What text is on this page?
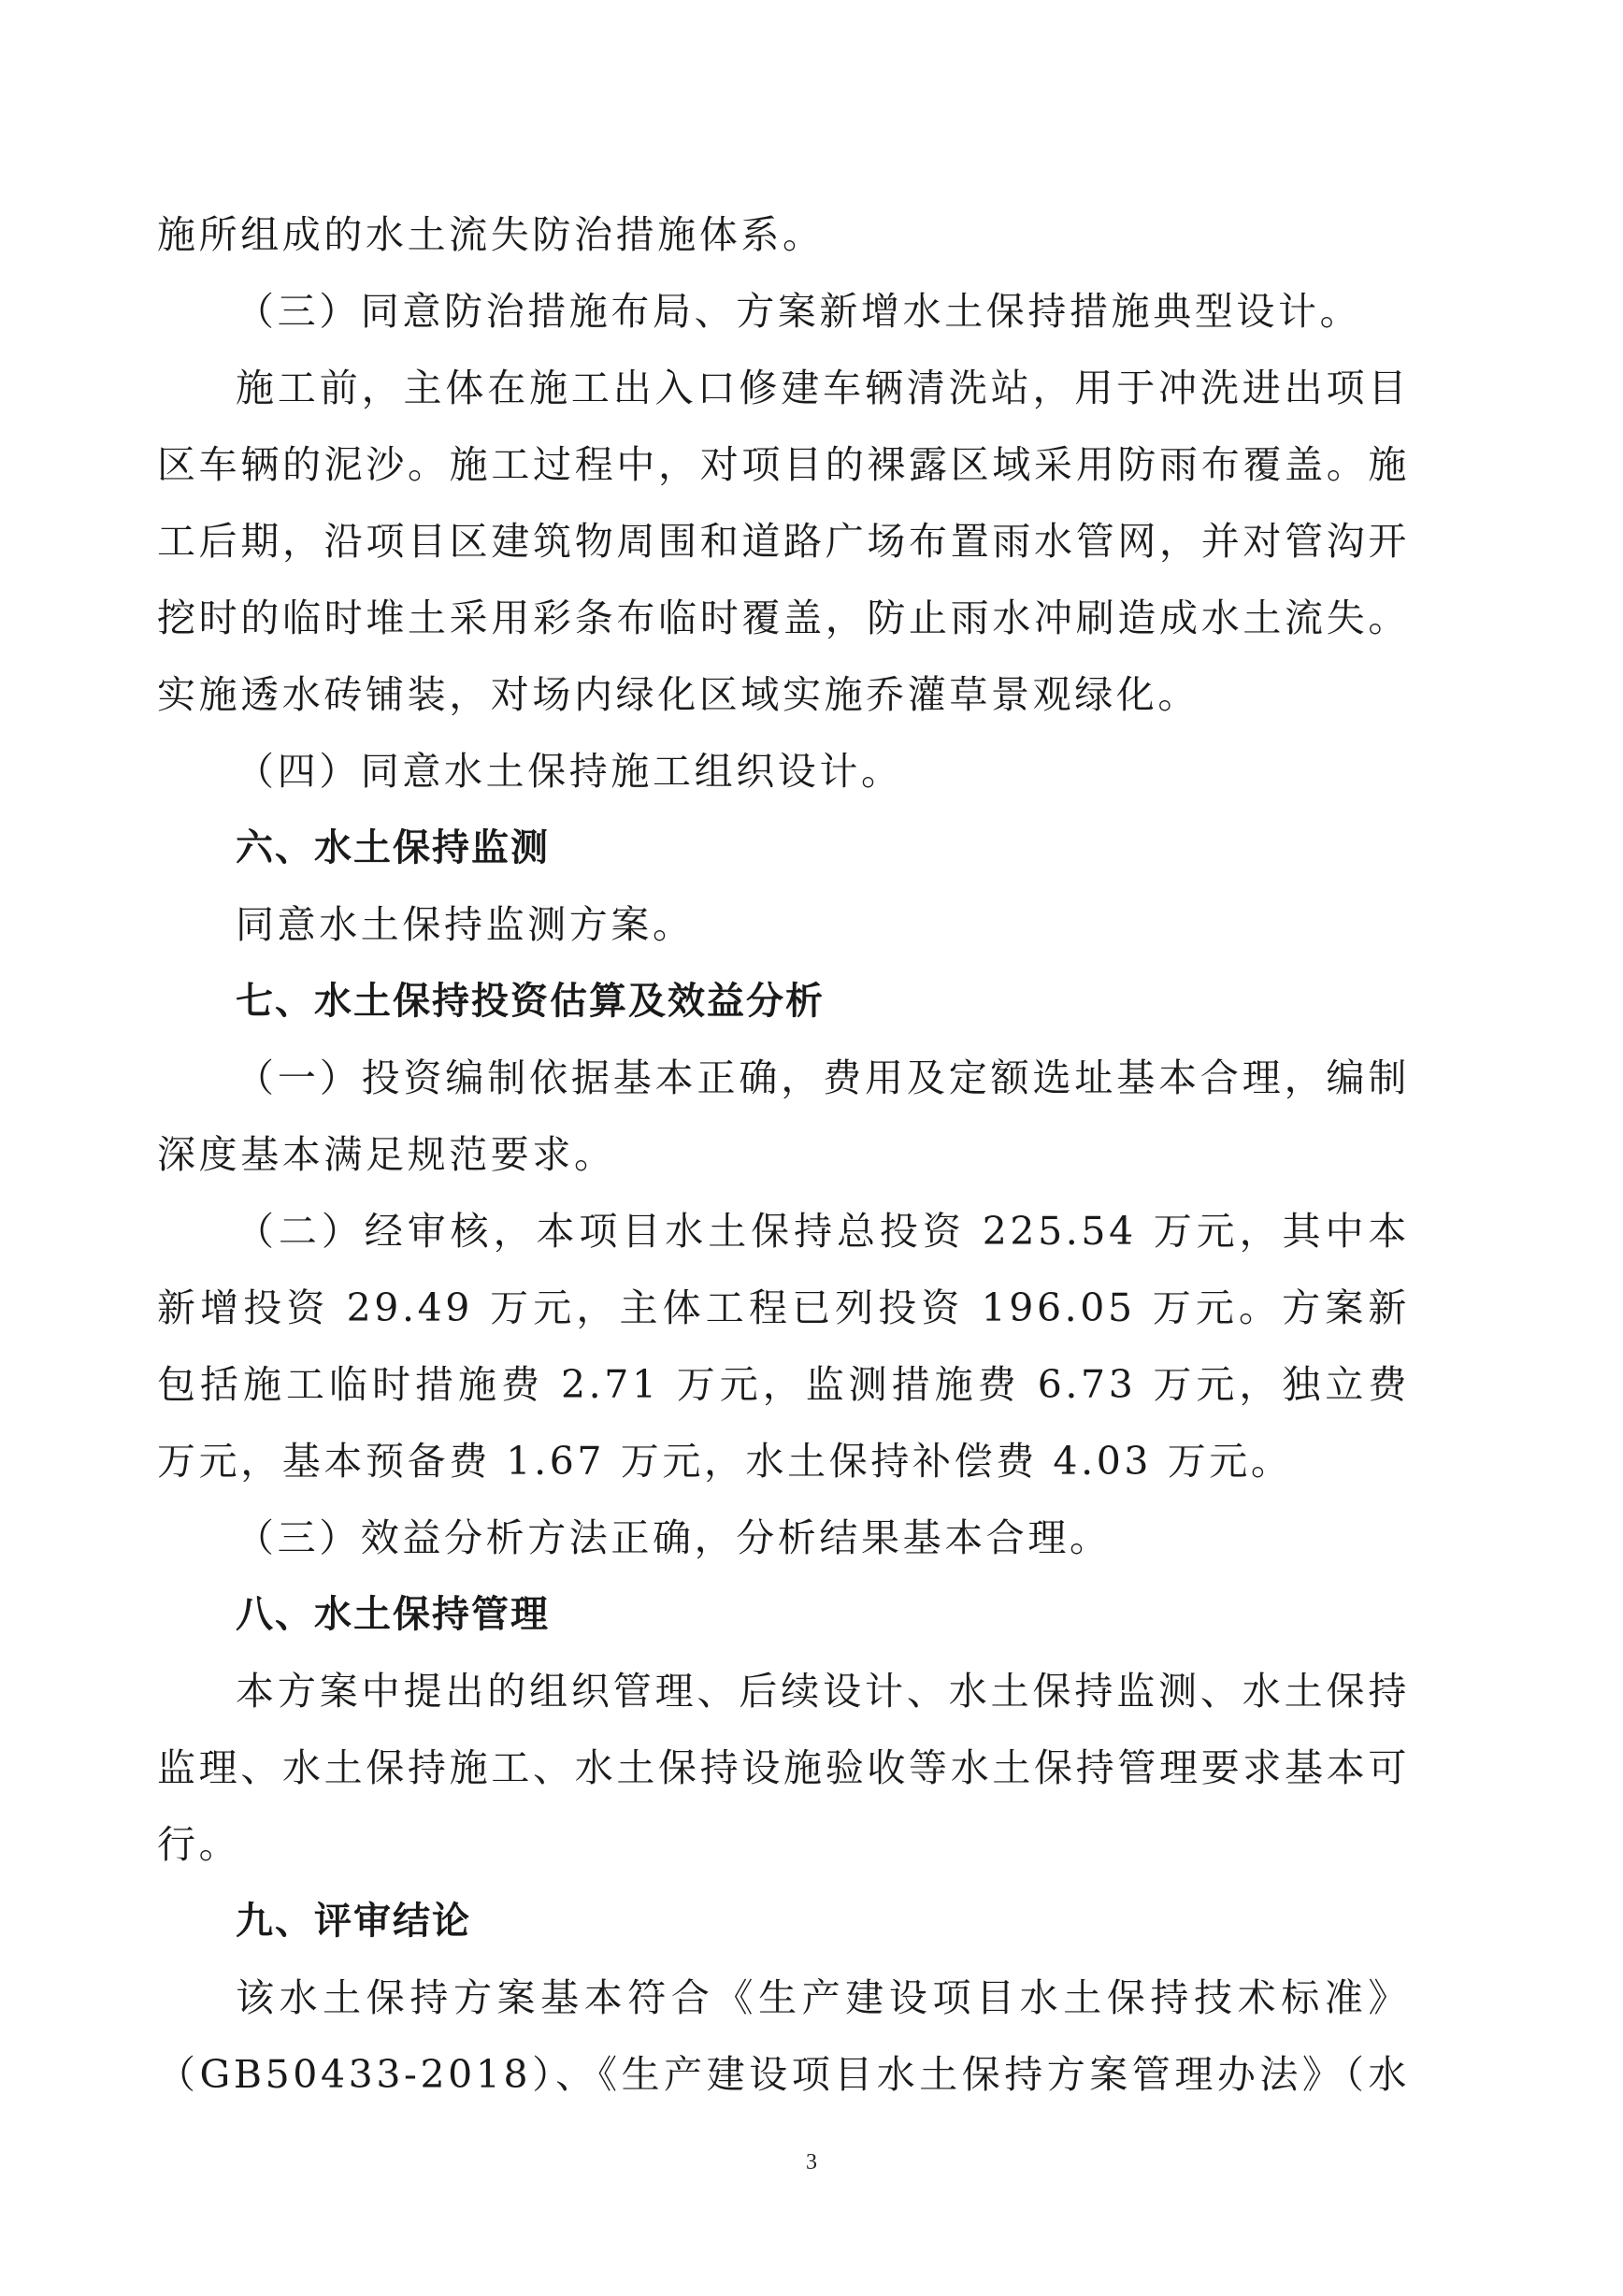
施所组成的水土流失防治措施体系。
（三）同意防治措施布局、方案新增水土保持措施典型设计。
施工前，主体在施工出入口修建车辆清洗站，用于冲洗进出项目
区车辆的泥沙。施工过程中，对项目的裸露区域采用防雨布覆盖。施
工后期，沿项目区建筑物周围和道路广场布置雨水管网，并对管沟开
挖时的临时堆土采用彩条布临时覆盖，防止雨水冲刷造成水土流失。
实施透水砖铺装，对场内绿化区域实施乔灌草景观绿化。
（四）同意水土保持施工组织设计。
六、水土保持监测
同意水土保持监测方案。
七、水土保持投资估算及效益分析
（一）投资编制依据基本正确，费用及定额选址基本合理，编制
深度基本满足规范要求。
（二）经审核，本项目水土保持总投资 225.54 万元，其中本
新增投资 29.49 万元，主体工程已列投资 196.05 万元。方案新
包括施工临时措施费 2.71 万元，监测措施费 6.73 万元，独立费
万元，基本预备费 1.67 万元，水土保持补偿费 4.03 万元。
（三）效益分析方法正确，分析结果基本合理。
八、水土保持管理
本方案中提出的组织管理、后续设计、水土保持监测、水土保持
监理、水土保持施工、水土保持设施验收等水土保持管理要求基本可
行。
九、评审结论
该水土保持方案基本符合《生产建设项目水土保持技术标准》
（GB50433-2018）、《生产建设项目水土保持方案管理办法》（水
3
